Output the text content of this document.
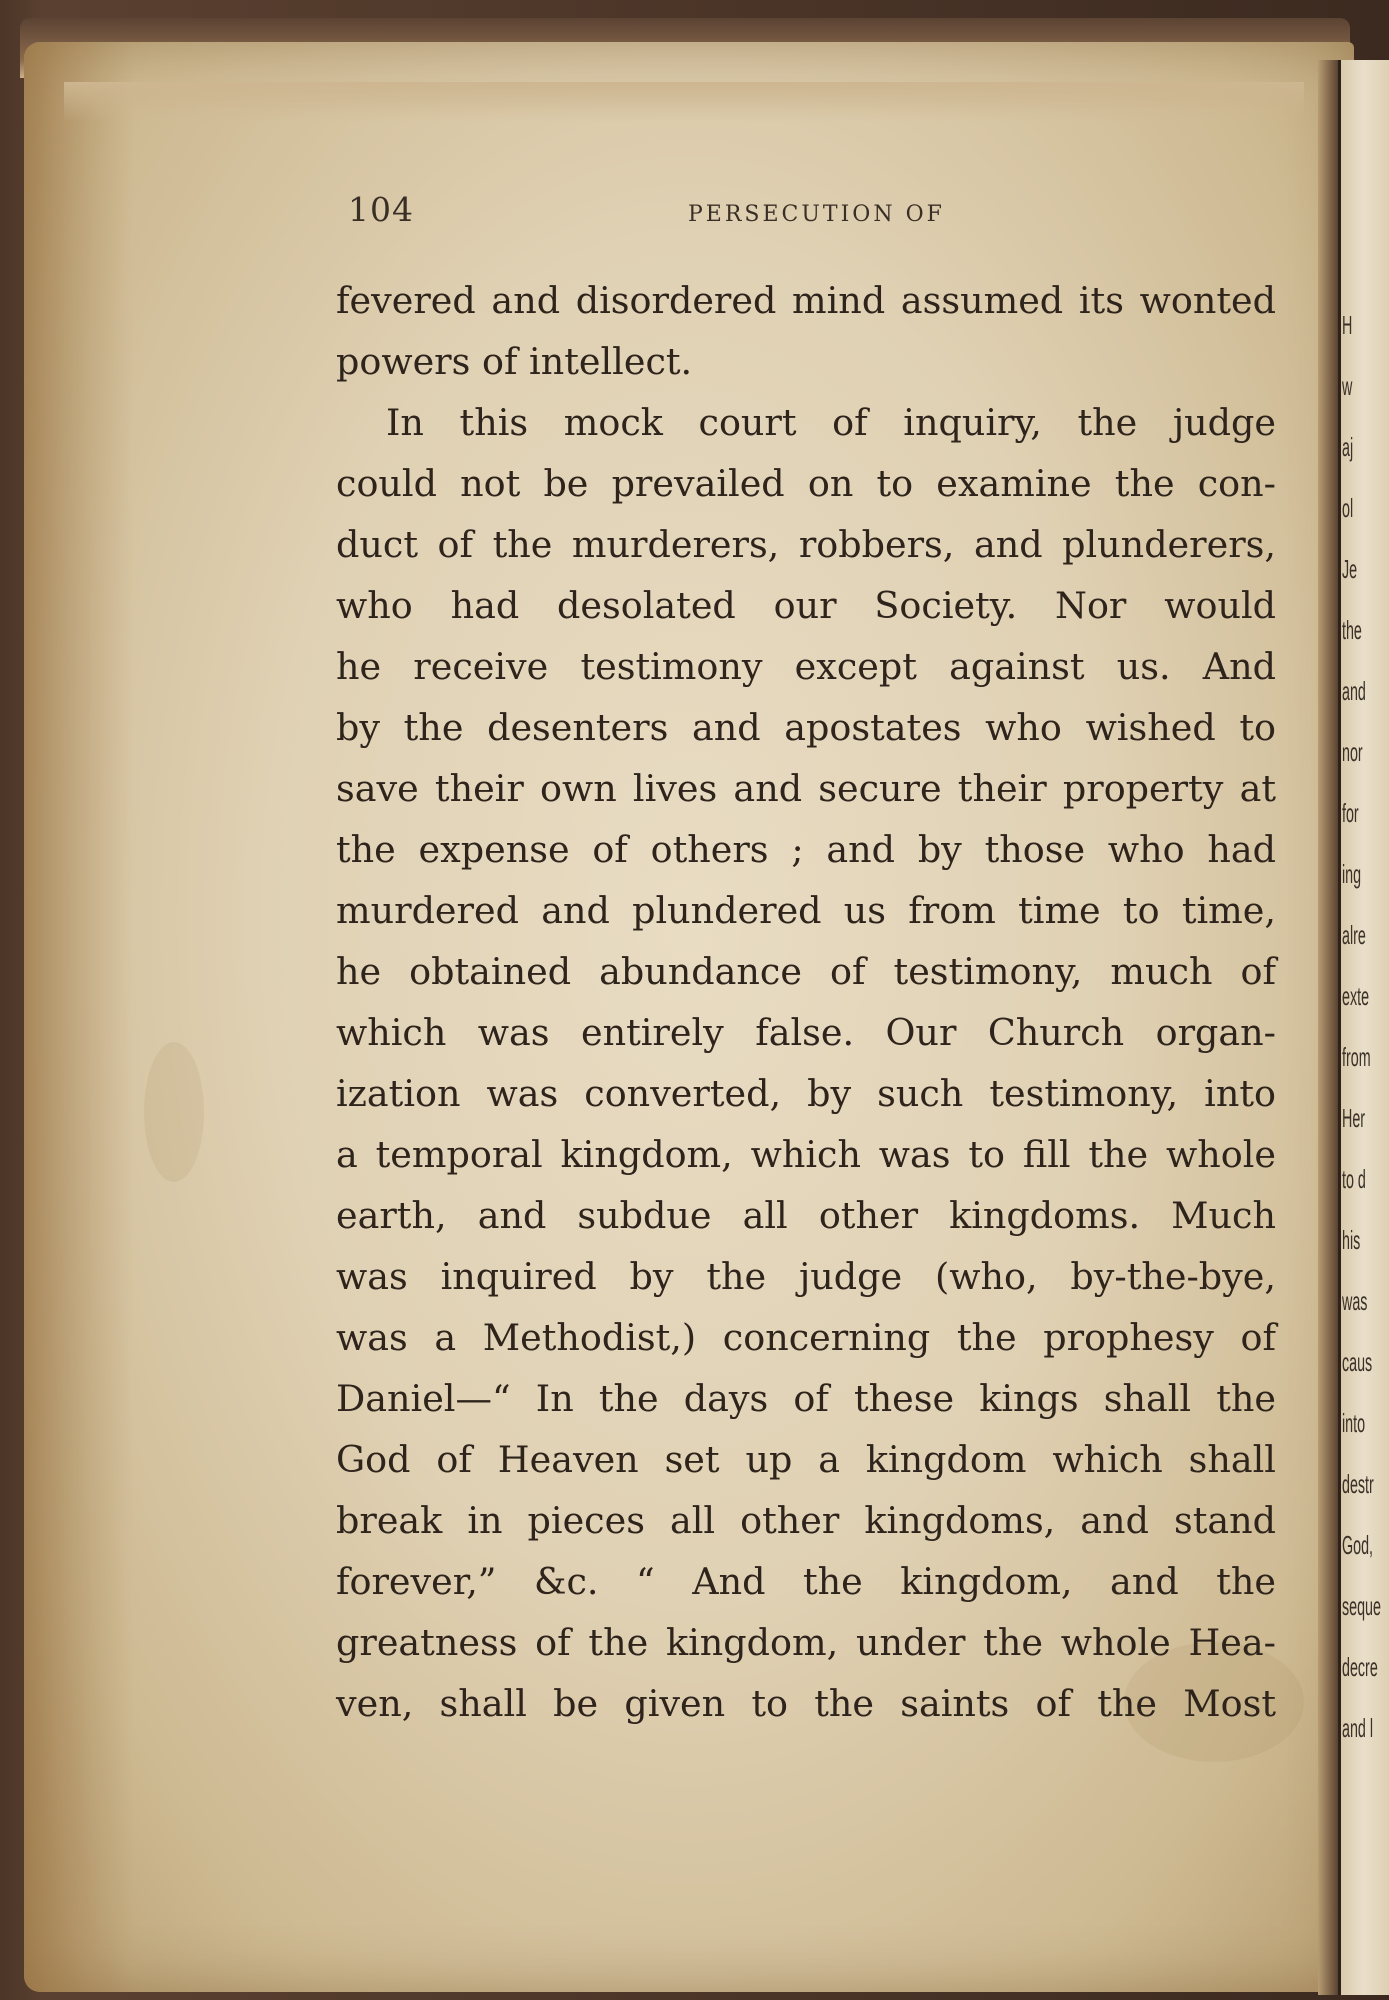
H
w
aj
ol
Je
the
and
nor
for
ing
alre
exte
from
Her
to d
his
was
caus
into
destr
God,
seque
decre
and l
104	PERSECUTION OF
fevered and disordered mind assumed its wonted
powers of intellect.
In this mock court of inquiry, the judge
could not be prevailed on to examine the con-
duct of the murderers, robbers, and plunderers,
who had desolated our Society. Nor would
he receive testimony except against us. And
by the desenters and apostates who wished to
save their own lives and secure their property at
the expense of others ; and by those who had
murdered and plundered us from time to time,
he obtained abundance of testimony, much of
which was entirely false. Our Church organ-
ization was converted, by such testimony, into
a temporal kingdom, which was to fill the whole
earth, and subdue all other kingdoms. Much
was inquired by the judge (who, by-the-bye,
was a Methodist,) concerning the prophesy of
Daniel—“ In the days of these kings shall the
God of Heaven set up a kingdom which shall
break in pieces all other kingdoms, and stand
forever,” &c. “ And the kingdom, and the
greatness of the kingdom, under the whole Hea-
ven, shall be given to the saints of the Most
